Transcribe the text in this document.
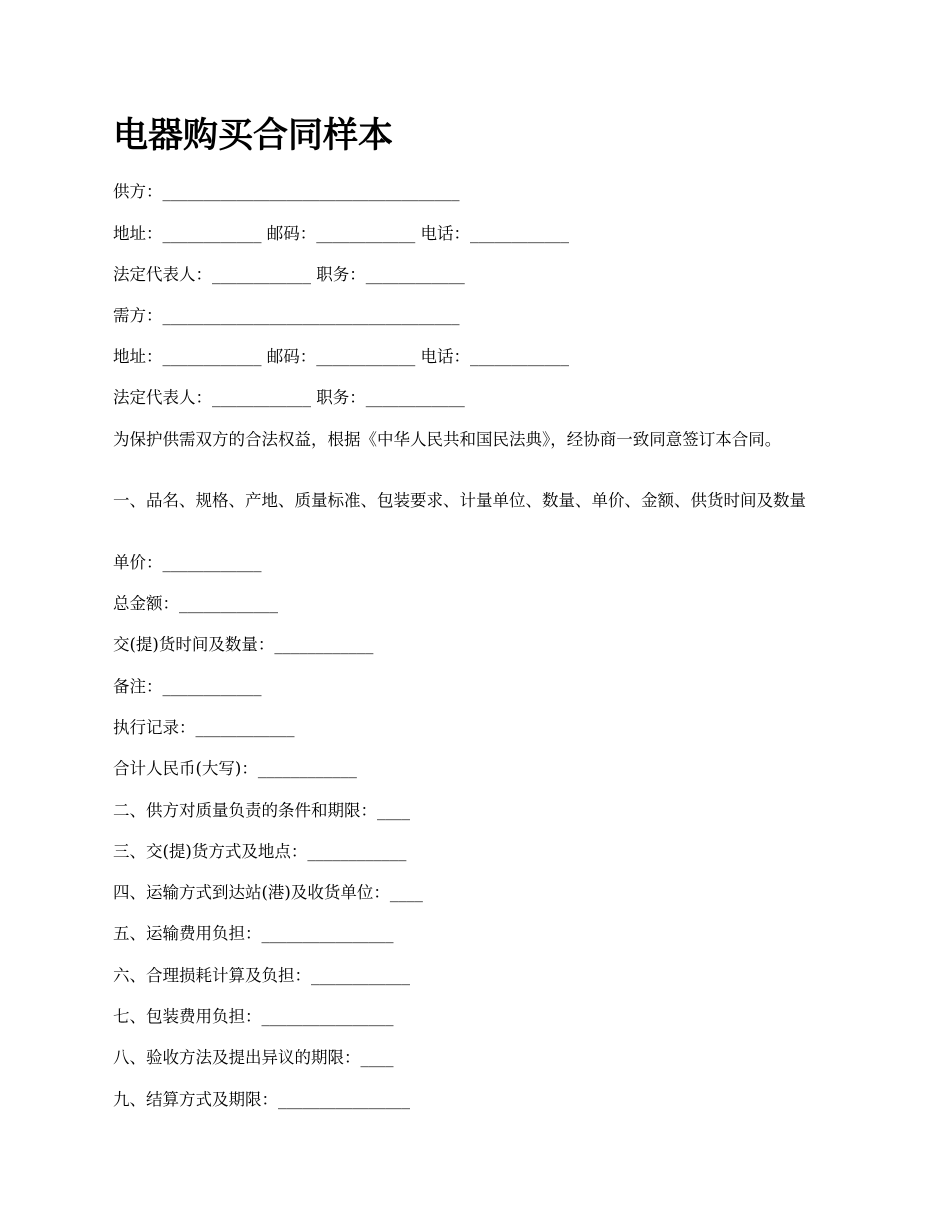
电器购买合同样本
供方：____________________________________
地址：____________ 邮码：____________ 电话：____________
法定代表人：____________ 职务：____________
需方：____________________________________
地址：____________ 邮码：____________ 电话：____________
法定代表人：____________ 职务：____________
为保护供需双方的合法权益，根据《中华人民共和国民法典》，经协商一致同意签订本合同。
一、品名、规格、产地、质量标准、包装要求、计量单位、数量、单价、金额、供货时间及数量
单价：____________
总金额：____________
交(提)货时间及数量：____________
备注：____________
执行记录：____________
合计人民币(大写)：____________
二、供方对质量负责的条件和期限：____
三、交(提)货方式及地点：____________
四、运输方式到达站(港)及收货单位：____
五、运输费用负担：________________
六、合理损耗计算及负担：____________
七、包装费用负担：________________
八、验收方法及提出异议的期限：____
九、结算方式及期限：________________
